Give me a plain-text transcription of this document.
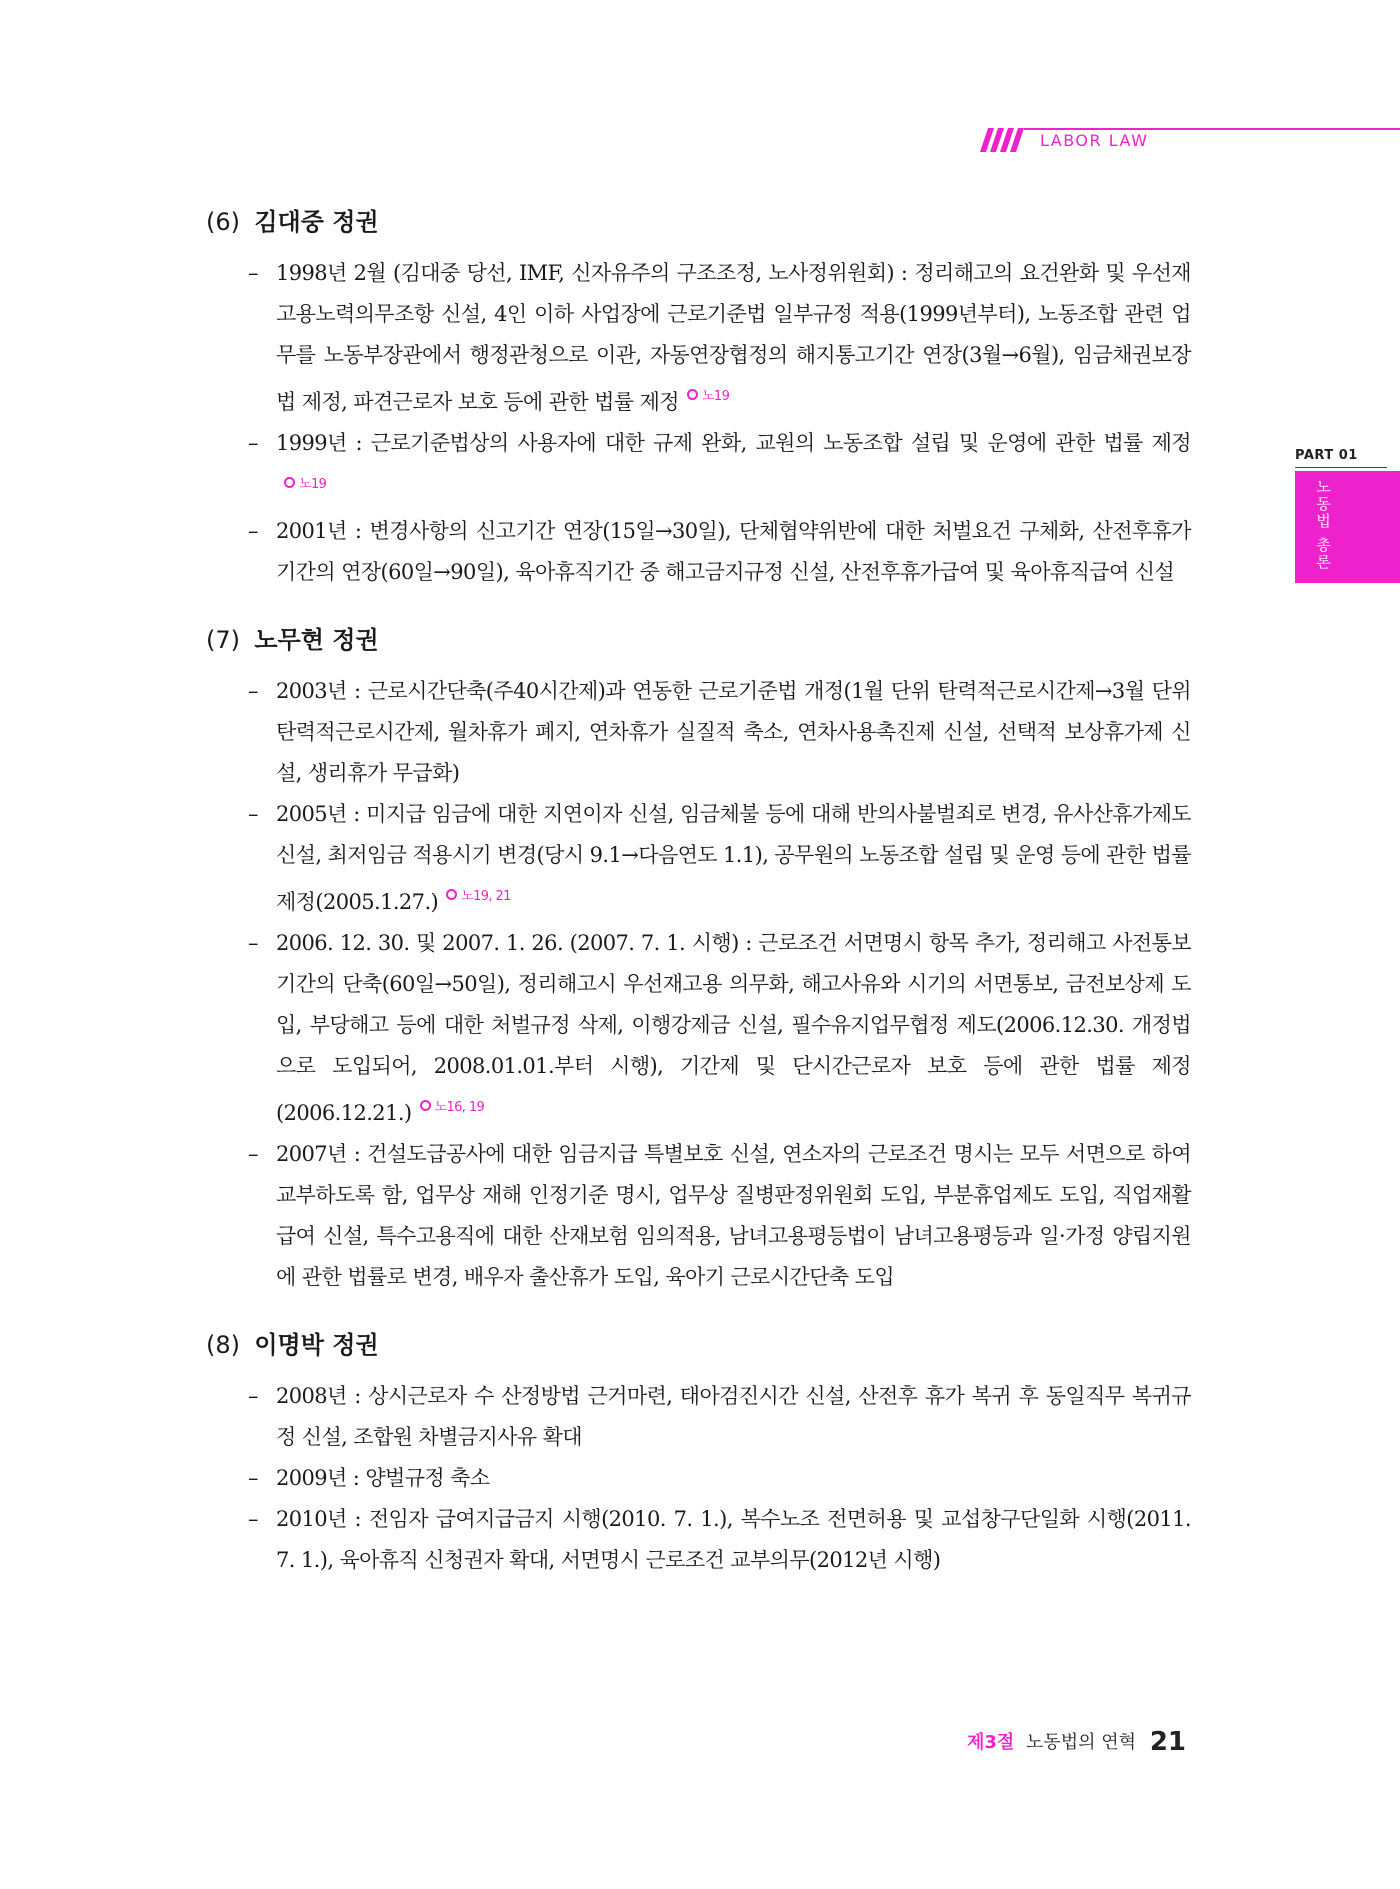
LABOR LAW
PART 01
노동법 총론
(6) 김대중 정권
– 1998년 2월 (김대중 당선, IMF, 신자유주의 구조조정, 노사정위원회) : 정리해고의 요건완화 및 우선재고용노력의무조항 신설, 4인 이하 사업장에 근로기준법 일부규정 적용(1999년부터), 노동조합 관련 업무를 노동부장관에서 행정관청으로 이관, 자동연장협정의 해지통고기간 연장(3월→6월), 임금채권보장법 제정, 파견근로자 보호 등에 관한 법률 제정 $^{노19}$
– 1999년 : 근로기준법상의 사용자에 대한 규제 완화, 교원의 노동조합 설립 및 운영에 관한 법률 제정$^{노19}$
– 2001년 : 변경사항의 신고기간 연장(15일→30일), 단체협약위반에 대한 처벌요건 구체화, 산전후휴가기간의 연장(60일→90일), 육아휴직기간 중 해고금지규정 신설, 산전후휴가급여 및 육아휴직급여 신설
(7) 노무현 정권
– 2003년 : 근로시간단축(주40시간제)과 연동한 근로기준법 개정(1월 단위 탄력적근로시간제→3월 단위 탄력적근로시간제, 월차휴가 폐지, 연차휴가 실질적 축소, 연차사용촉진제 신설, 선택적 보상휴가제 신설, 생리휴가 무급화)
– 2005년 : 미지급 임금에 대한 지연이자 신설, 임금체불 등에 대해 반의사불벌죄로 변경, 유사산휴가제도 신설, 최저임금 적용시기 변경(당시 9.1→다음연도 1.1), 공무원의 노동조합 설립 및 운영 등에 관한 법률 제정(2005.1.27.) $^{노19, 21}$
– 2006. 12. 30. 및 2007. 1. 26. (2007. 7. 1. 시행) : 근로조건 서면명시 항목 추가, 정리해고 사전통보기간의 단축(60일→50일), 정리해고시 우선재고용 의무화, 해고사유와 시기의 서면통보, 금전보상제 도입, 부당해고 등에 대한 처벌규정 삭제, 이행강제금 신설, 필수유지업무협정 제도(2006.12.30. 개정법으로 도입되어, 2008.01.01.부터 시행), 기간제 및 단시간근로자 보호 등에 관한 법률 제정(2006.12.21.) $^{노16, 19}$
– 2007년 : 건설도급공사에 대한 임금지급 특별보호 신설, 연소자의 근로조건 명시는 모두 서면으로 하여 교부하도록 함, 업무상 재해 인정기준 명시, 업무상 질병판정위원회 도입, 부분휴업제도 도입, 직업재활급여 신설, 특수고용직에 대한 산재보험 임의적용, 남녀고용평등법이 남녀고용평등과 일·가정 양립지원에 관한 법률로 변경, 배우자 출산휴가 도입, 육아기 근로시간단축 도입
(8) 이명박 정권
– 2008년 : 상시근로자 수 산정방법 근거마련, 태아검진시간 신설, 산전후 휴가 복귀 후 동일직무 복귀규정 신설, 조합원 차별금지사유 확대
– 2009년 : 양벌규정 축소
– 2010년 : 전임자 급여지급금지 시행(2010. 7. 1.), 복수노조 전면허용 및 교섭창구단일화 시행(2011. 7. 1.), 육아휴직 신청권자 확대, 서면명시 근로조건 교부의무(2012년 시행)
제3절 노동법의 연혁 21
